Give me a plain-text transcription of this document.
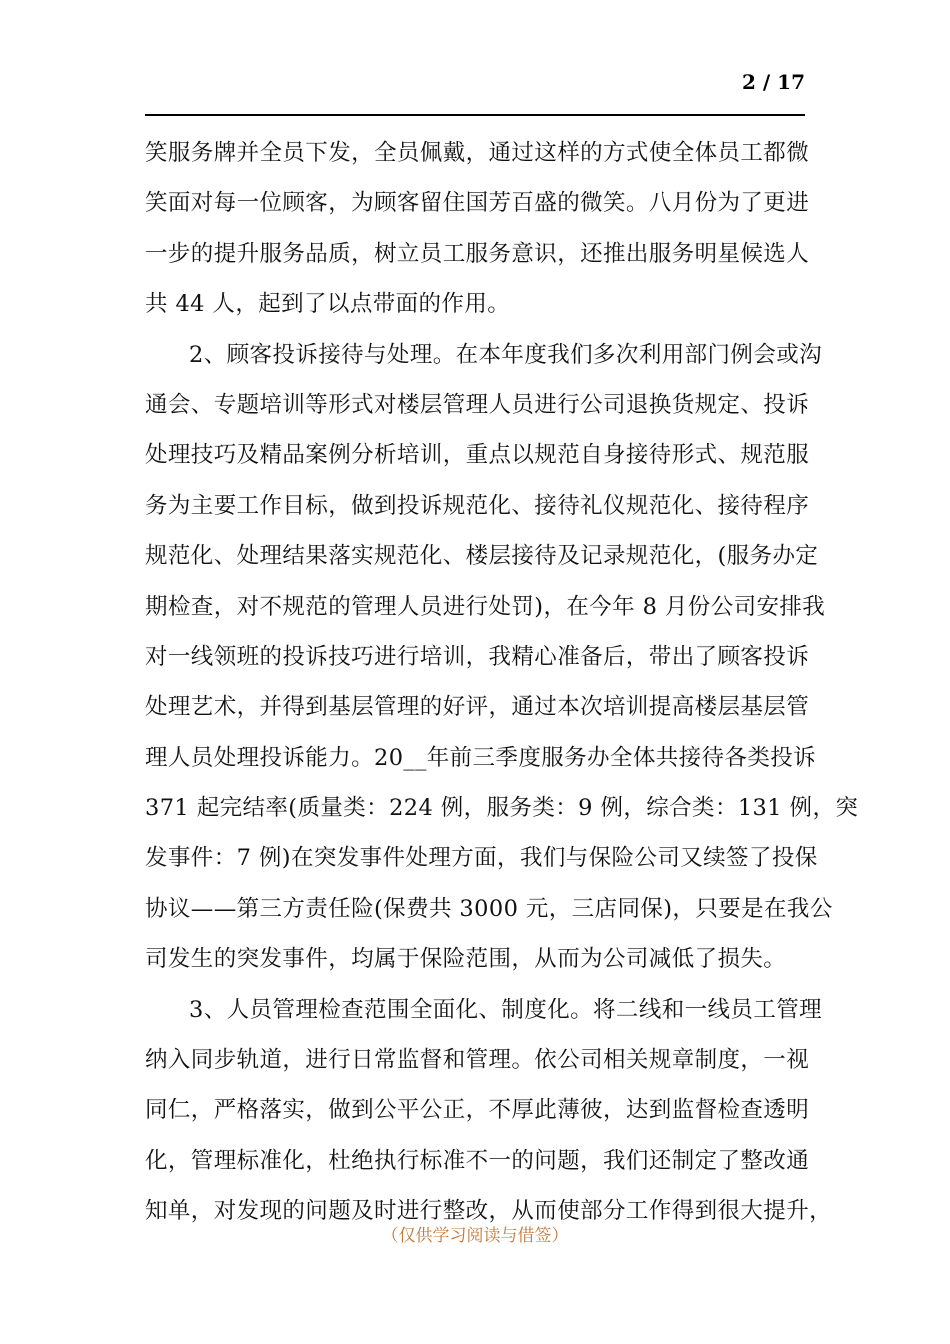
2 / 17
笑服务牌并全员下发，全员佩戴，通过这样的方式使全体员工都微
笑面对每一位顾客，为顾客留住国芳百盛的微笑。八月份为了更进
一步的提升服务品质，树立员工服务意识，还推出服务明星候选人
共 44 人，起到了以点带面的作用。
2、顾客投诉接待与处理。在本年度我们多次利用部门例会或沟
通会、专题培训等形式对楼层管理人员进行公司退换货规定、投诉
处理技巧及精品案例分析培训，重点以规范自身接待形式、规范服
务为主要工作目标，做到投诉规范化、接待礼仪规范化、接待程序
规范化、处理结果落实规范化、楼层接待及记录规范化，(服务办定
期检查，对不规范的管理人员进行处罚)，在今年 8 月份公司安排我
对一线领班的投诉技巧进行培训，我精心准备后，带出了顾客投诉
处理艺术，并得到基层管理的好评，通过本次培训提高楼层基层管
理人员处理投诉能力。20__年前三季度服务办全体共接待各类投诉
371 起完结率(质量类：224 例，服务类：9 例，综合类：131 例，突
发事件：7 例)在突发事件处理方面，我们与保险公司又续签了投保
协议——第三方责任险(保费共 3000 元，三店同保)，只要是在我公
司发生的突发事件，均属于保险范围，从而为公司减低了损失。
3、人员管理检查范围全面化、制度化。将二线和一线员工管理
纳入同步轨道，进行日常监督和管理。依公司相关规章制度，一视
同仁，严格落实，做到公平公正，不厚此薄彼，达到监督检查透明
化，管理标准化，杜绝执行标准不一的问题，我们还制定了整改通
知单，对发现的问题及时进行整改，从而使部分工作得到很大提升，
（仅供学习阅读与借签）
